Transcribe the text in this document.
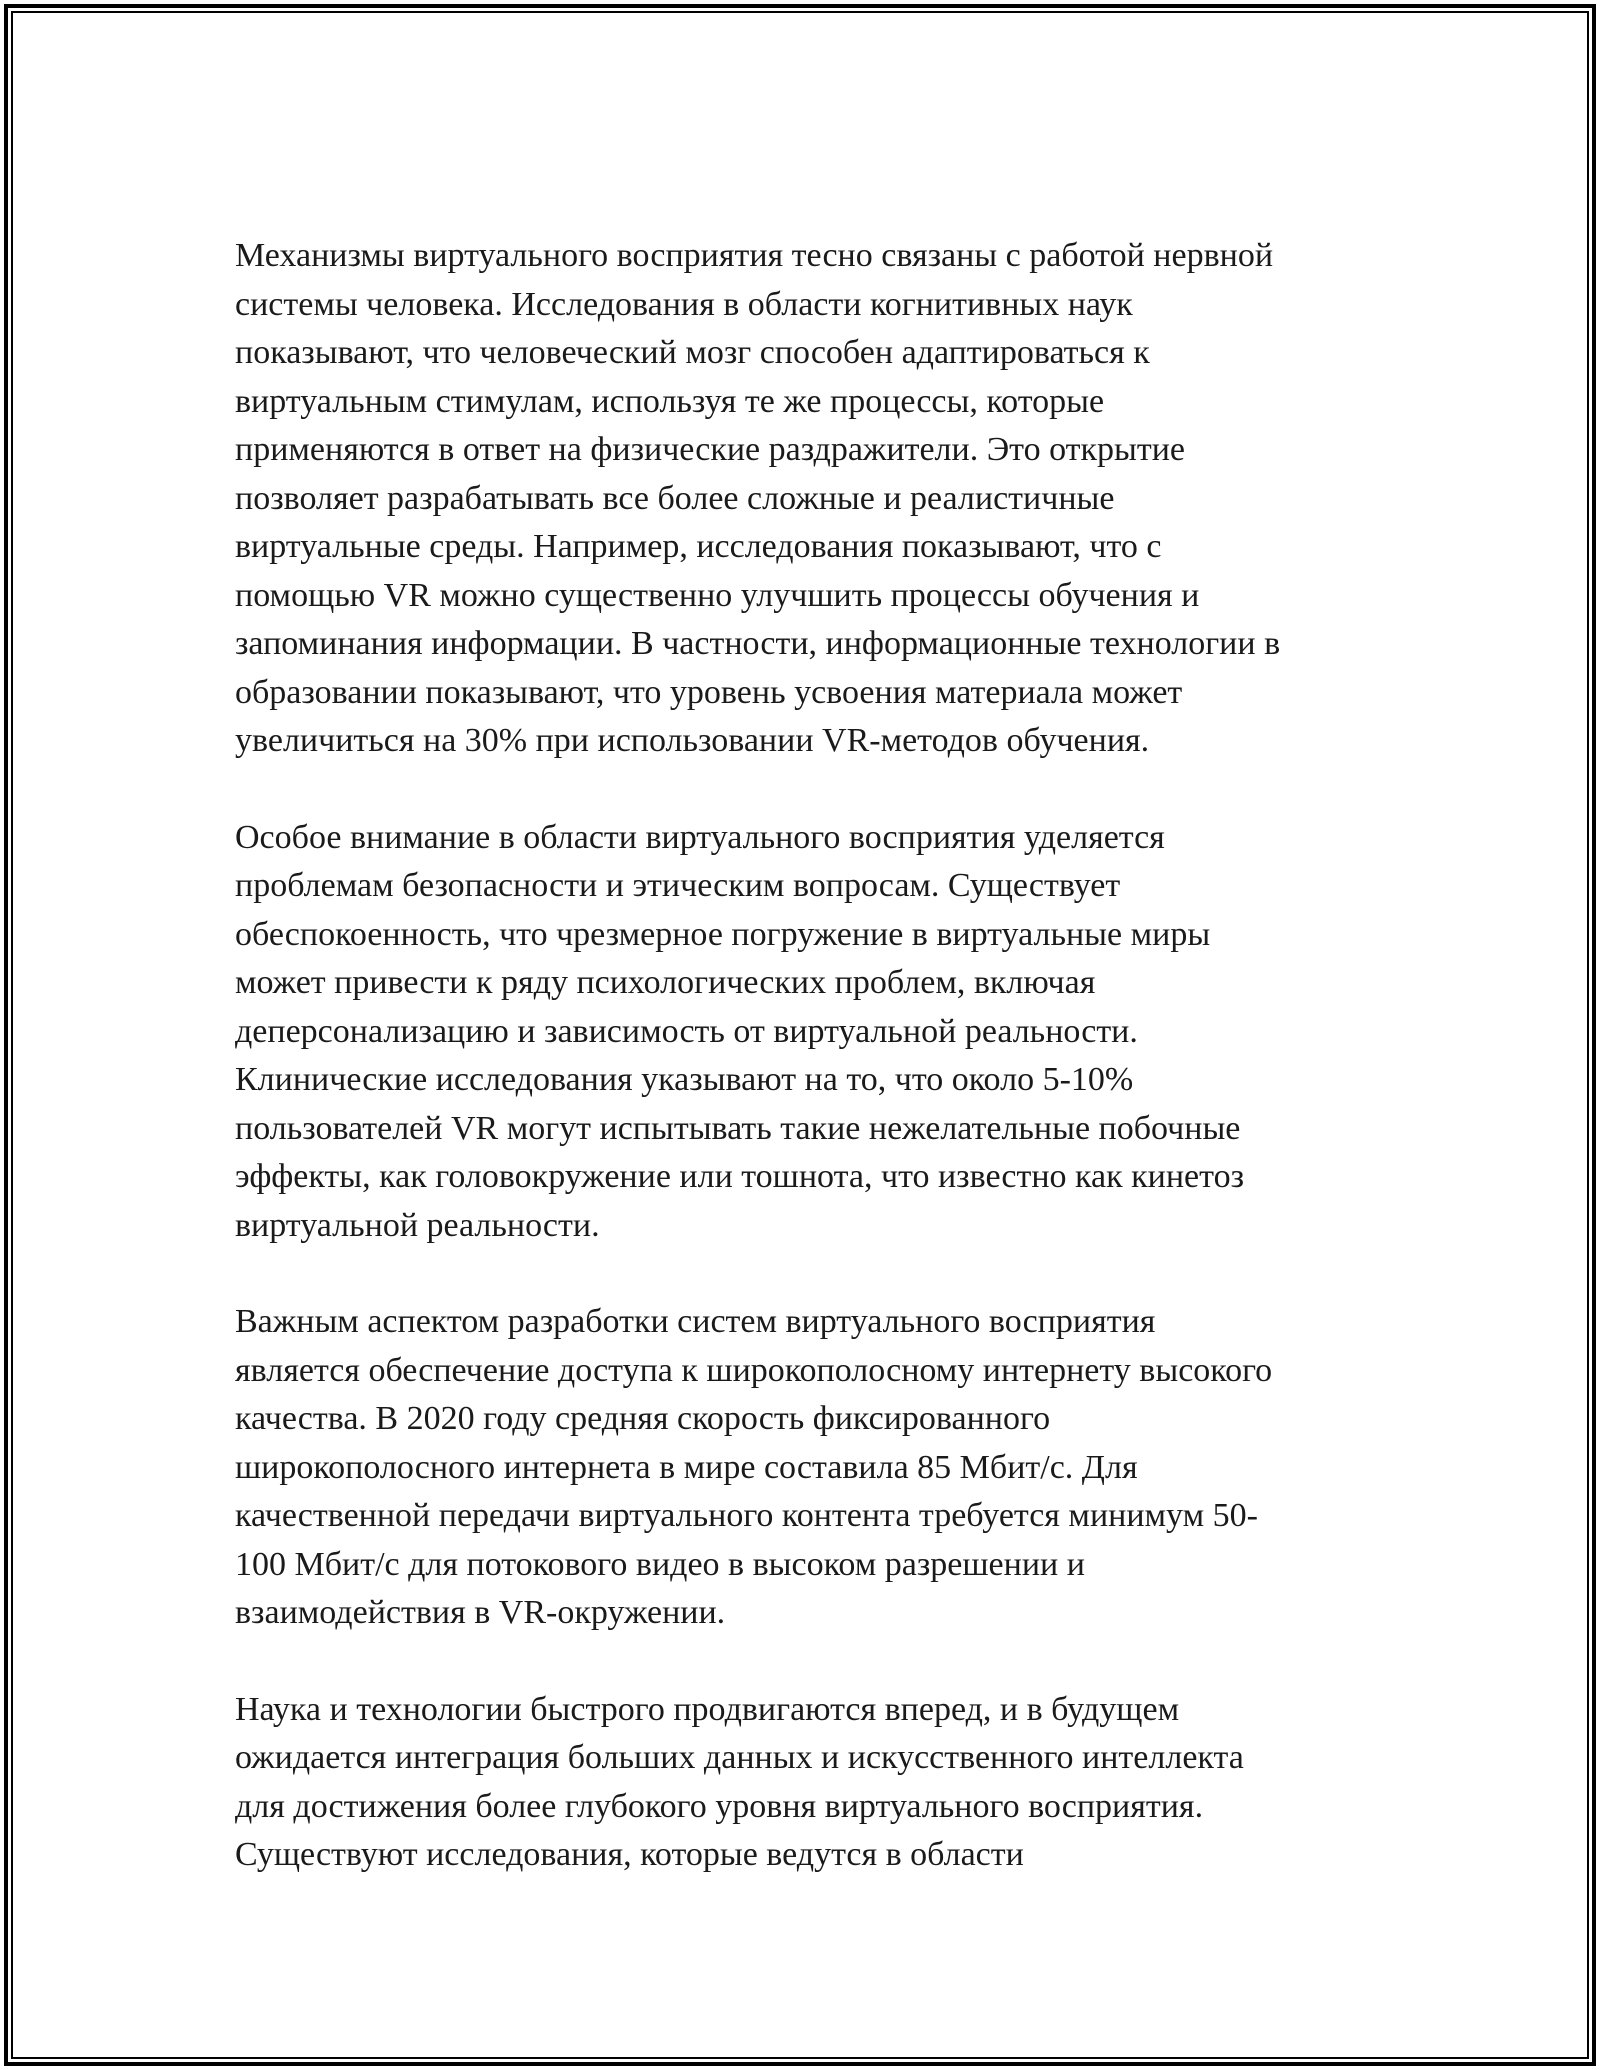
Механизмы виртуального восприятия тесно связаны с работой нервной
системы человека. Исследования в области когнитивных наук
показывают, что человеческий мозг способен адаптироваться к
виртуальным стимулам, используя те же процессы, которые
применяются в ответ на физические раздражители. Это открытие
позволяет разрабатывать все более сложные и реалистичные
виртуальные среды. Например, исследования показывают, что с
помощью VR можно существенно улучшить процессы обучения и
запоминания информации. В частности, информационные технологии в
образовании показывают, что уровень усвоения материала может
увеличиться на 30% при использовании VR-методов обучения.

Особое внимание в области виртуального восприятия уделяется
проблемам безопасности и этическим вопросам. Существует
обеспокоенность, что чрезмерное погружение в виртуальные миры
может привести к ряду психологических проблем, включая
деперсонализацию и зависимость от виртуальной реальности.
Клинические исследования указывают на то, что около 5-10%
пользователей VR могут испытывать такие нежелательные побочные
эффекты, как головокружение или тошнота, что известно как кинетоз
виртуальной реальности.

Важным аспектом разработки систем виртуального восприятия
является обеспечение доступа к широкополосному интернету высокого
качества. В 2020 году средняя скорость фиксированного
широкополосного интернета в мире составила 85 Мбит/с. Для
качественной передачи виртуального контента требуется минимум 50-
100 Мбит/с для потокового видео в высоком разрешении и
взаимодействия в VR-окружении.

Наука и технологии быстрого продвигаются вперед, и в будущем
ожидается интеграция больших данных и искусственного интеллекта
для достижения более глубокого уровня виртуального восприятия.
Существуют исследования, которые ведутся в области
